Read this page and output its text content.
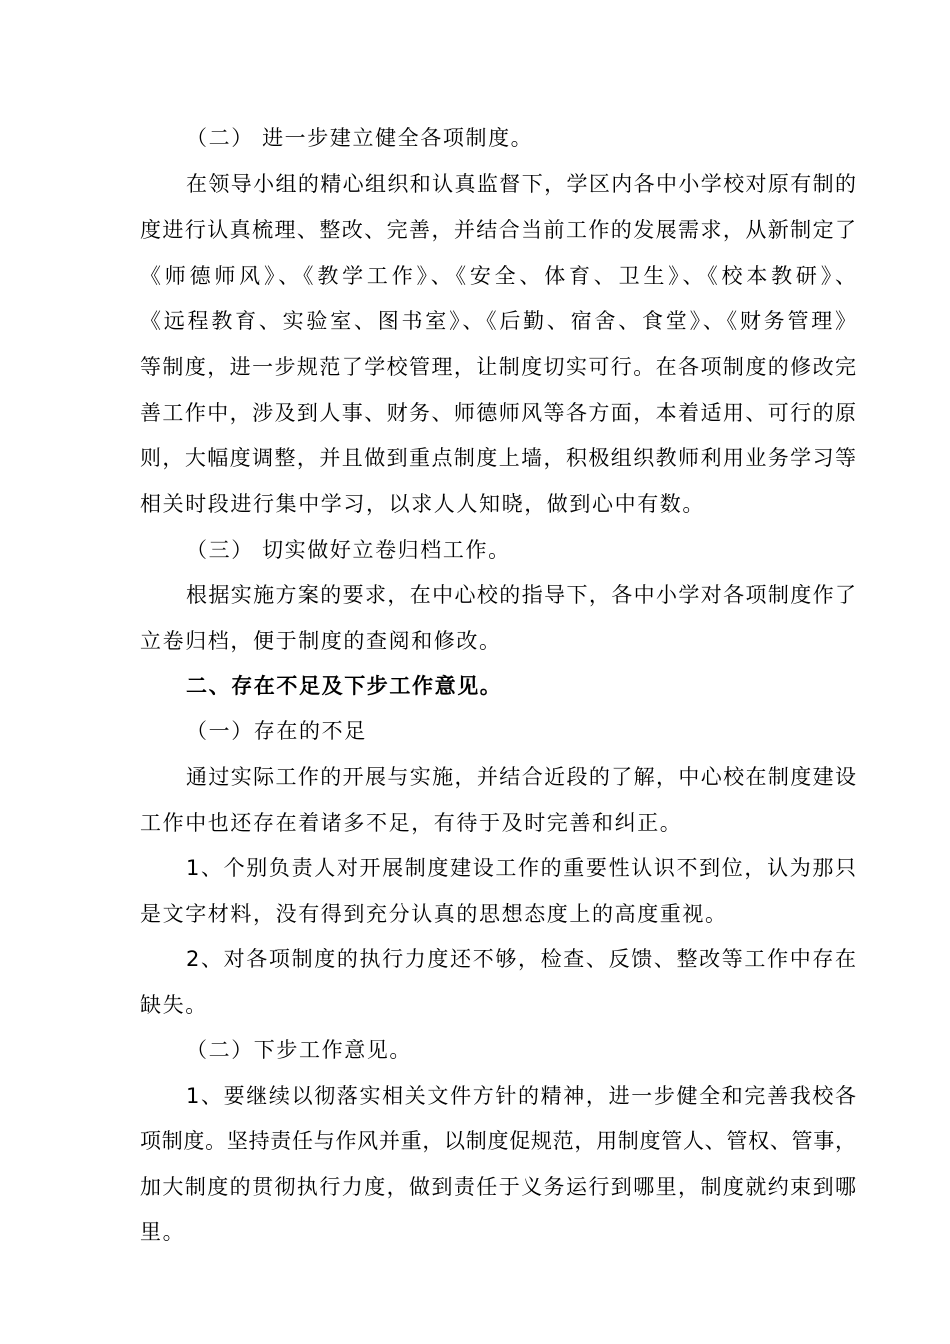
（二） 进一步建立健全各项制度。

在领导小组的精心组织和认真监督下，学区内各中小学校对原有制的

度进行认真梳理、整改、完善，并结合当前工作的发展需求，从新制定了

《师德师风》、《教学工作》、《安全、体育、卫生》、《校本教研》、

《远程教育、实验室、图书室》、《后勤、宿舍、食堂》、《财务管理》

等制度，进一步规范了学校管理，让制度切实可行。在各项制度的修改完

善工作中，涉及到人事、财务、师德师风等各方面，本着适用、可行的原

则，大幅度调整，并且做到重点制度上墙，积极组织教师利用业务学习等

相关时段进行集中学习，以求人人知晓，做到心中有数。

（三） 切实做好立卷归档工作。

根据实施方案的要求，在中心校的指导下，各中小学对各项制度作了

立卷归档，便于制度的查阅和修改。

二、存在不足及下步工作意见。

（一）存在的不足

通过实际工作的开展与实施，并结合近段的了解，中心校在制度建设

工作中也还存在着诸多不足，有待于及时完善和纠正。

1、个别负责人对开展制度建设工作的重要性认识不到位，认为那只

是文字材料，没有得到充分认真的思想态度上的高度重视。

2、对各项制度的执行力度还不够，检查、反馈、整改等工作中存在

缺失。

（二）下步工作意见。

1、要继续以彻落实相关文件方针的精神，进一步健全和完善我校各

项制度。坚持责任与作风并重，以制度促规范，用制度管人、管权、管事，

加大制度的贯彻执行力度，做到责任于义务运行到哪里，制度就约束到哪

里。
